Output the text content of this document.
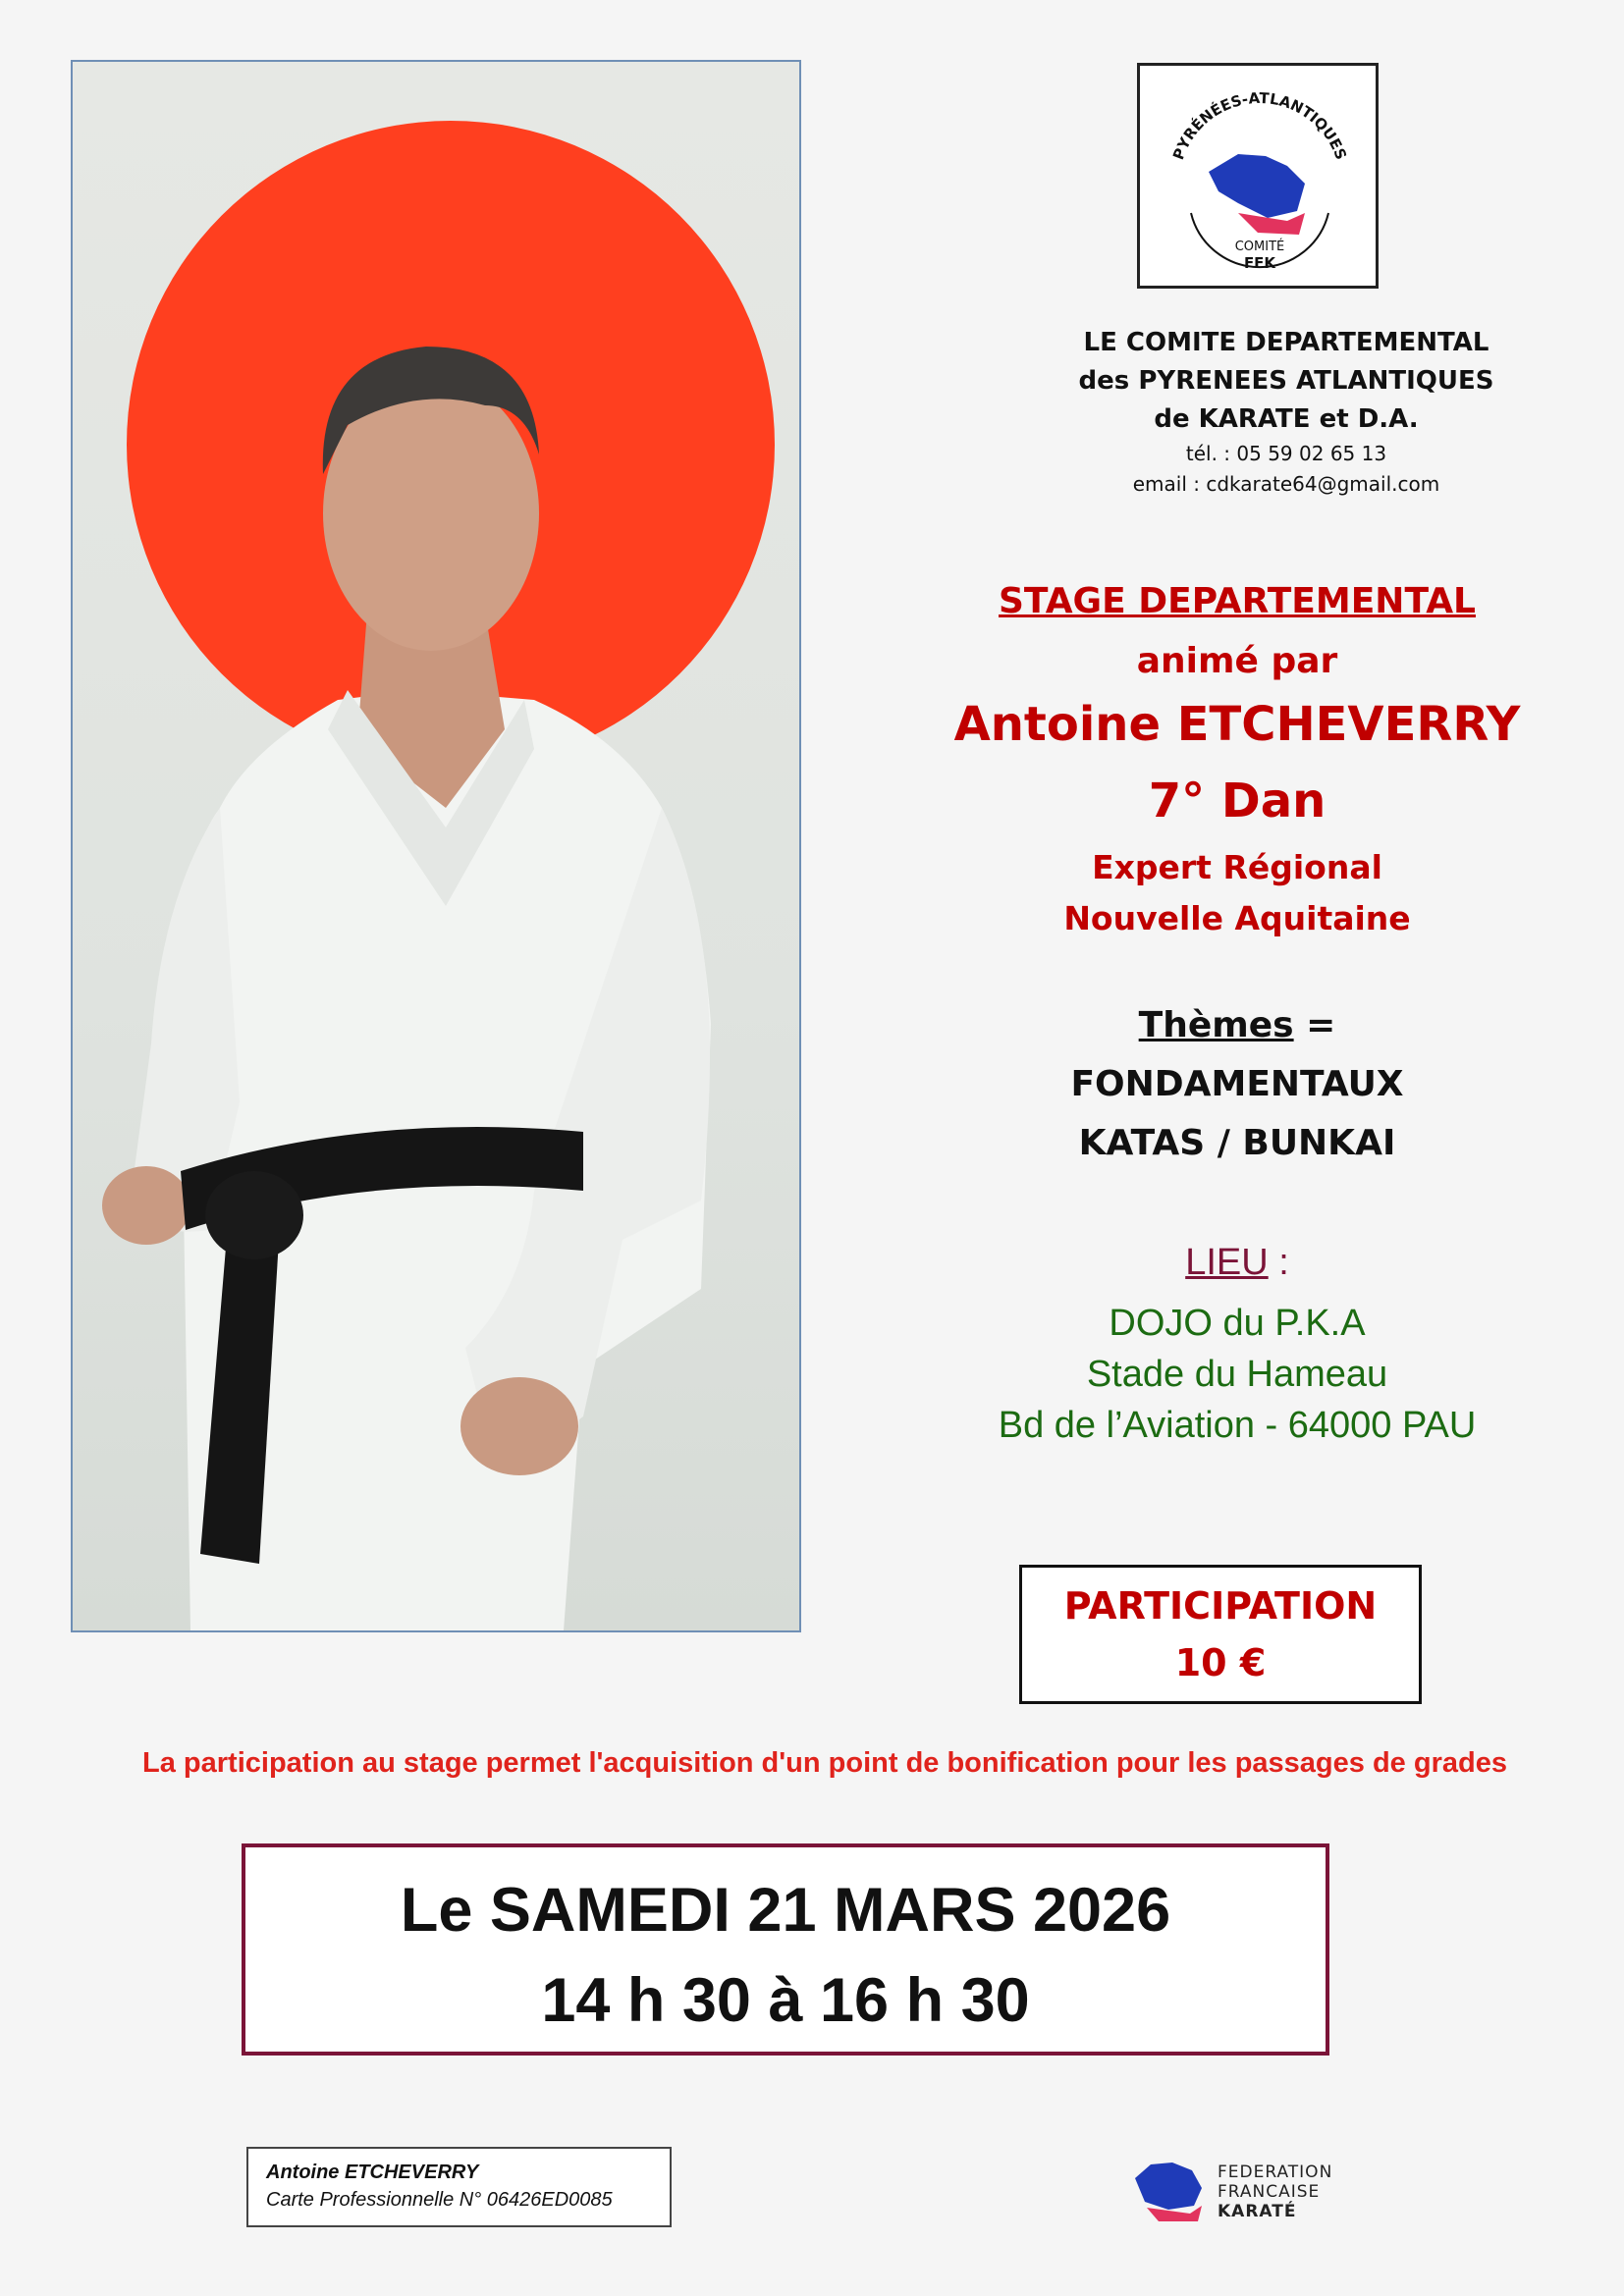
PYRÉNÉES-ATLANTIQUES
COMITÉ
FFK
LE COMITE DEPARTEMENTAL
des PYRENEES ATLANTIQUES
de KARATE et D.A.
tél. : 05 59 02 65 13
email : cdkarate64@gmail.com
STAGE DEPARTEMENTAL
animé par
Antoine ETCHEVERRY
7° Dan
Expert Régional
Nouvelle Aquitaine
Thèmes =
FONDAMENTAUX
KATAS / BUNKAI
LIEU :
DOJO du P.K.A
Stade du Hameau
Bd de l’Aviation - 64000 PAU
PARTICIPATION
10 €
La participation au stage permet l'acquisition d'un point de bonification pour les passages de grades
Le SAMEDI 21 MARS 2026
14 h 30 à 16 h 30
Antoine ETCHEVERRY
Carte Professionnelle N° 06426ED0085
FEDERATION
FRANCAISE
KARATÉ
